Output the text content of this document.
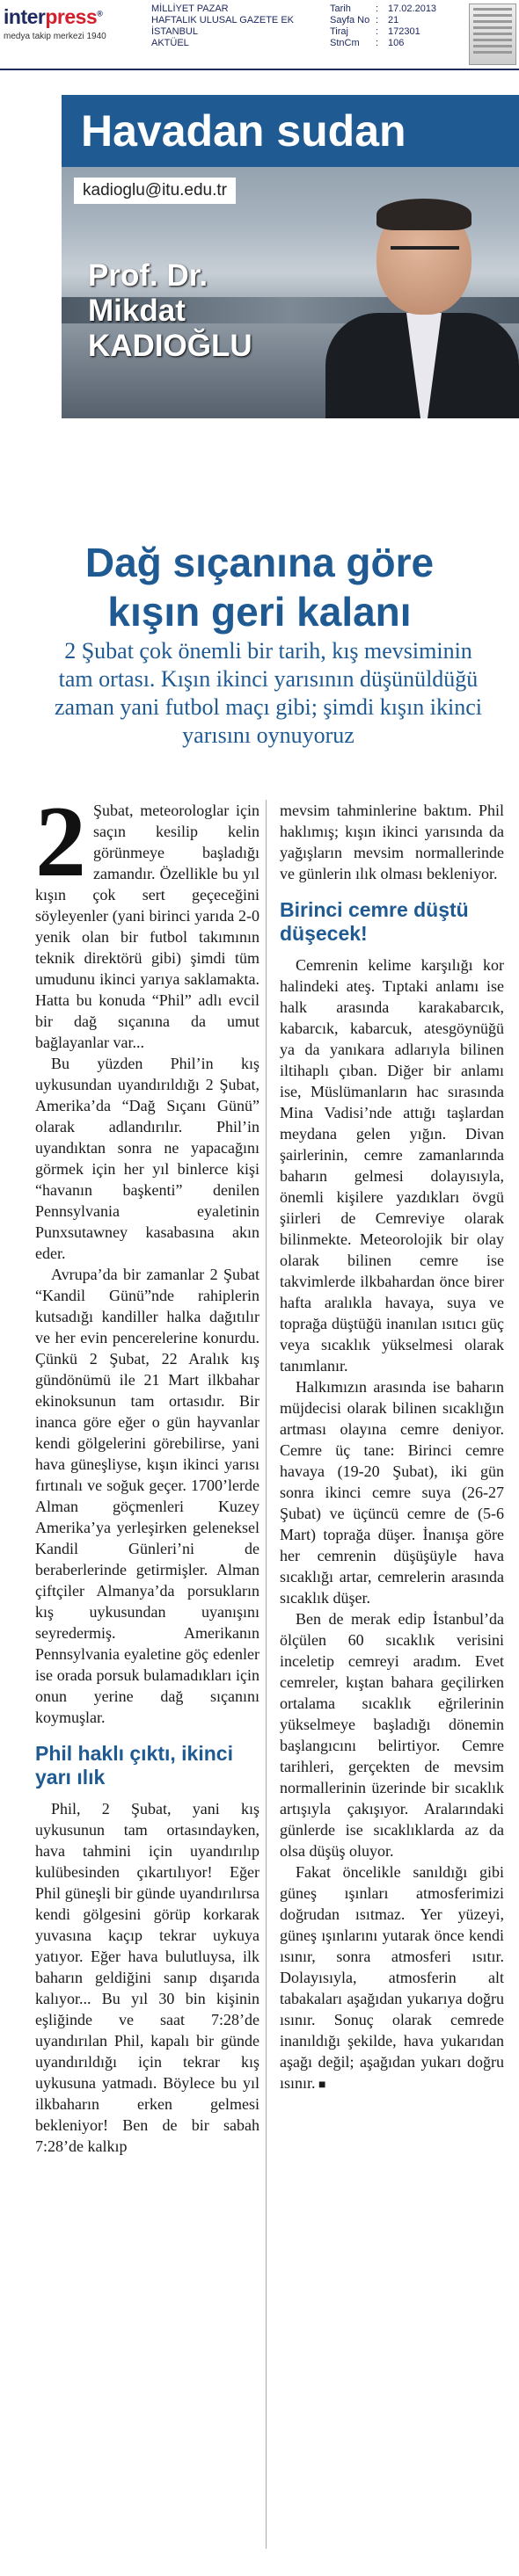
interpress®
medya takip merkezi 1940
MİLLİYET PAZAR
HAFTALIK ULUSAL GAZETE EK
İSTANBUL
AKTÜEL
Tarih	: 17.02.2013
Sayfa No : 21
Tiraj	: 172301
StnCm	: 106
Havadan sudan
kadioglu@itu.edu.tr
Prof. Dr.
Mikdat
KADIOĞLU
Dağ sıçanına göre
kışın geri kalanı
2 Şubat çok önemli bir tarih, kış mevsiminin tam ortası. Kışın ikinci yarısının düşünüldüğü zaman yani futbol maçı gibi; şimdi kışın ikinci yarısını oynuyoruz
2 Şubat, meteorologlar için saçın kesilip kelin görünmeye başladığı zamandır. Özellikle bu yıl kışın çok sert geçeceğini söyleyenler (yani birinci yarıda 2-0 yenik olan bir futbol takımının teknik direktörü gibi) şimdi tüm umudunu ikinci yarıya saklamakta. Hatta bu konuda “Phil” adlı evcil bir dağ sıçanına da umut bağlayanlar var...

Bu yüzden Phil’in kış uykusundan uyandırıldığı 2 Şubat, Amerika’da “Dağ Sıçanı Günü” olarak adlandırılır. Phil’in uyandıktan sonra ne yapacağını görmek için her yıl binlerce kişi “havanın başkenti” denilen Pennsylvania eyaletinin Punxsutawney kasabasına akın eder.

Avrupa’da bir zamanlar 2 Şubat “Kandil Günü”nde rahiplerin kutsadığı kandiller halka dağıtılır ve her evin pencerelerine konurdu. Çünkü 2 Şubat, 22 Aralık kış gündönümü ile 21 Mart ilkbahar ekinoksunun tam ortasıdır. Bir inanca göre eğer o gün hayvanlar kendi gölgelerini görebilirse, yani hava güneşliyse, kışın ikinci yarısı fırtınalı ve soğuk geçer. 1700’lerde Alman göçmenleri Kuzey Amerika’ya yerleşirken geleneksel Kandil Günleri’ni de beraberlerinde getirmişler. Alman çiftçiler Almanya’da porsukların kış uykusundan uyanışını seyredermiş. Amerikanın Pennsylvania eyaletine göç edenler ise orada porsuk bulamadıkları için onun yerine dağ sıçanını koymuşlar.

Phil haklı çıktı, ikinci yarı ılık

Phil, 2 Şubat, yani kış uykusunun tam ortasındayken, hava tahmini için uyandırılıp kulübesinden çıkartılıyor! Eğer Phil güneşli bir günde uyandırılırsa kendi gölgesini görüp korkarak yuvasına kaçıp tekrar uykuya yatıyor. Eğer hava bulutluysa, ilk baharın geldiğini sanıp dışarıda kalıyor... Bu yıl 30 bin kişinin eşliğinde ve saat 7:28’de uyandırılan Phil, kapalı bir günde uyandırıldığı için tekrar kış uykusuna yatmadı. Böylece bu yıl ilkbaharın erken gelmesi bekleniyor! Ben de bir sabah 7:28’de kalkıp

mevsim tahminlerine baktım. Phil haklımış; kışın ikinci yarısında da yağışların mevsim normallerinde ve günlerin ılık olması bekleniyor.

Birinci cemre düştü düşecek!

Cemrenin kelime karşılığı kor halindeki ateş. Tıptaki anlamı ise halk arasında karakabarcık, kabarcık, kabarcuk, atesgöynüğü ya da yanıkara adlarıyla bilinen iltihaplı çıban. Diğer bir anlamı ise, Müslümanların hac sırasında Mina Vadisi’nde attığı taşlardan meydana gelen yığın. Divan şairlerinin, cemre zamanlarında baharın gelmesi dolayısıyla, önemli kişilere yazdıkları övgü şiirleri de Cemreviye olarak bilinmekte. Meteorolojik bir olay olarak bilinen cemre ise takvimlerde ilkbahardan önce birer hafta aralıkla havaya, suya ve toprağa düştüğü inanılan ısıtıcı güç veya sıcaklık yükselmesi olarak tanımlanır.

Halkımızın arasında ise baharın müjdecisi olarak bilinen sıcaklığın artması olayına cemre deniyor. Cemre üç tane: Birinci cemre havaya (19-20 Şubat), iki gün sonra ikinci cemre suya (26-27 Şubat) ve üçüncü cemre de (5-6 Mart) toprağa düşer. İnanışa göre her cemrenin düşüşüyle hava sıcaklığı artar, cemrelerin arasında sıcaklık düşer.

Ben de merak edip İstanbul’da ölçülen 60 sıcaklık verisini inceletip cemreyi aradım. Evet cemreler, kıştan bahara geçilirken ortalama sıcaklık eğrilerinin yükselmeye başladığı dönemin başlangıcını belirtiyor. Cemre tarihleri, gerçekten de mevsim normallerinin üzerinde bir sıcaklık artışıyla çakışıyor. Aralarındaki günlerde ise sıcaklıklarda az da olsa düşüş oluyor.

Fakat öncelikle sanıldığı gibi güneş ışınları atmosferimizi doğrudan ısıtmaz. Yer yüzeyi, güneş ışınlarını yutarak önce kendi ısınır, sonra atmosferi ısıtır. Dolayısıyla, atmosferin alt tabakaları aşağıdan yukarıya doğru ısınır. Sonuç olarak cemrede inanıldığı şekilde, hava yukarıdan aşağı değil; aşağıdan yukarı doğru ısınır. ■
